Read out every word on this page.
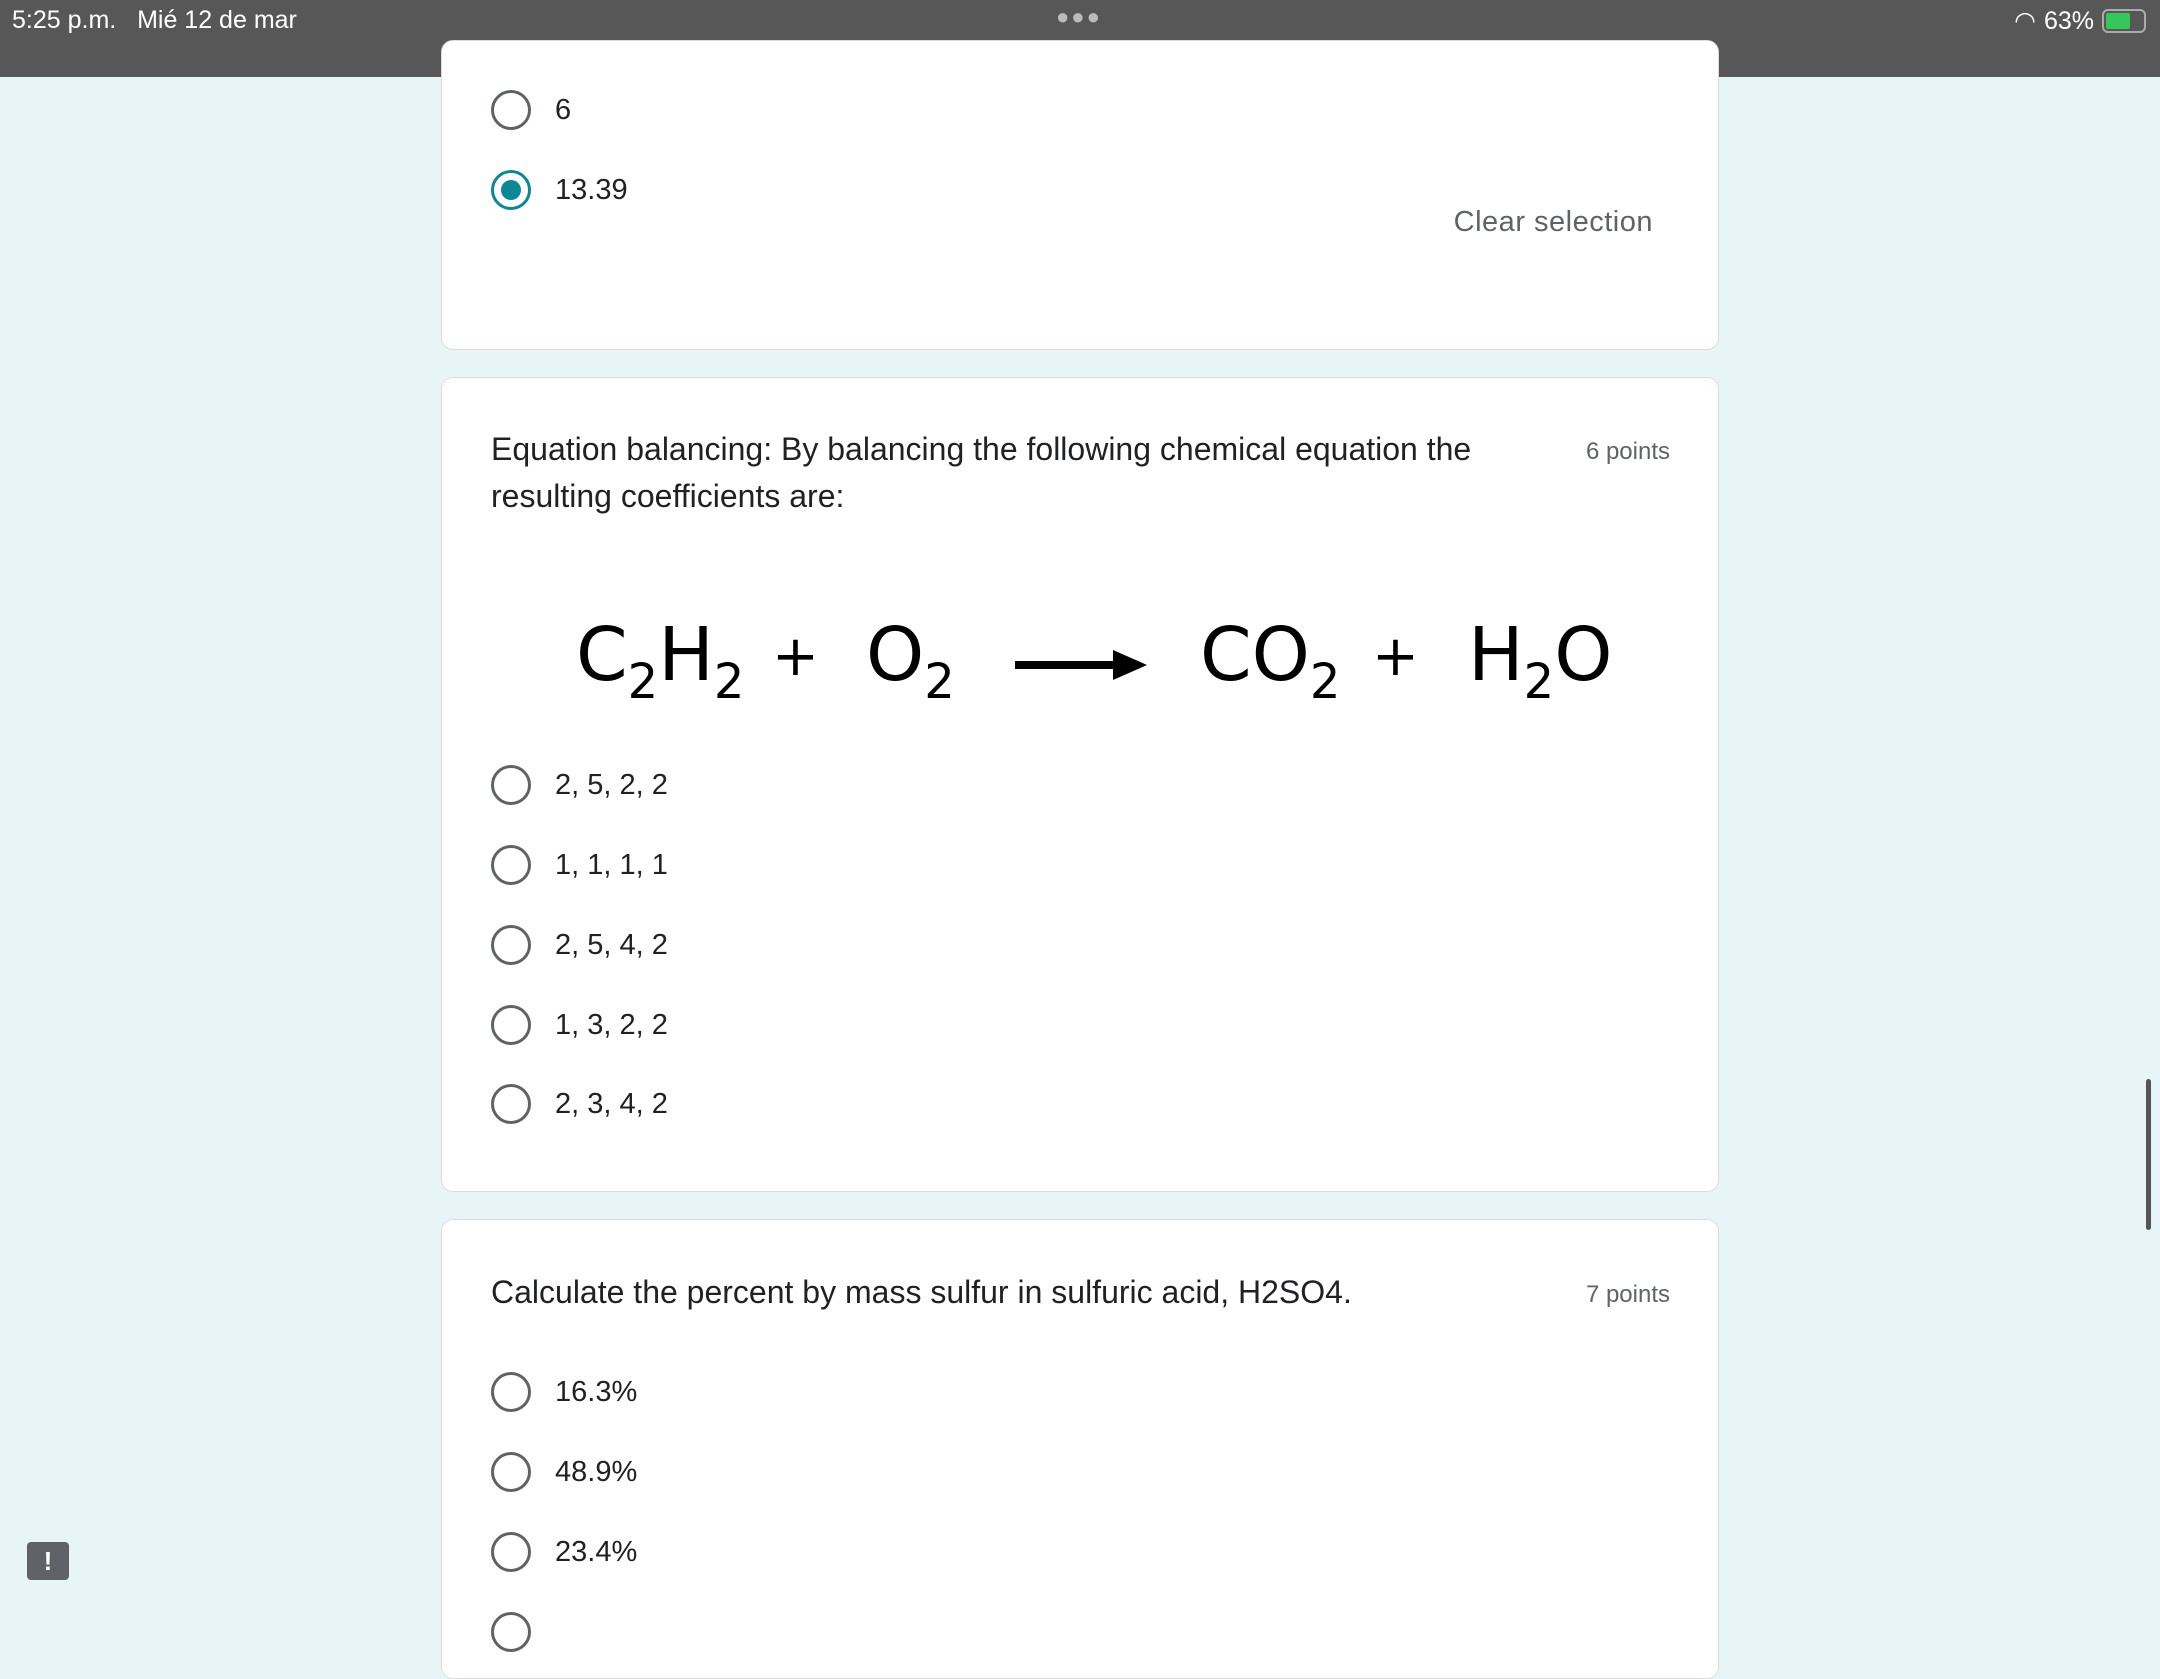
5:25 p.m. Mié 12 de mar	●●●	◠ 63%
🔒︎ docs.google.com
6
13.39
Clear selection
Equation balancing: By balancing the following chemical equation the resulting coefficients are:
6 points
$C_2H_2 + O_2 \to CO_2 + H_2O$
2, 5, 2, 2
1, 1, 1, 1
2, 5, 4, 2
1, 3, 2, 2
2, 3, 4, 2
Calculate the percent by mass sulfur in sulfuric acid, H2SO4.	7 points
16.3%
48.9%
23.4%
!
